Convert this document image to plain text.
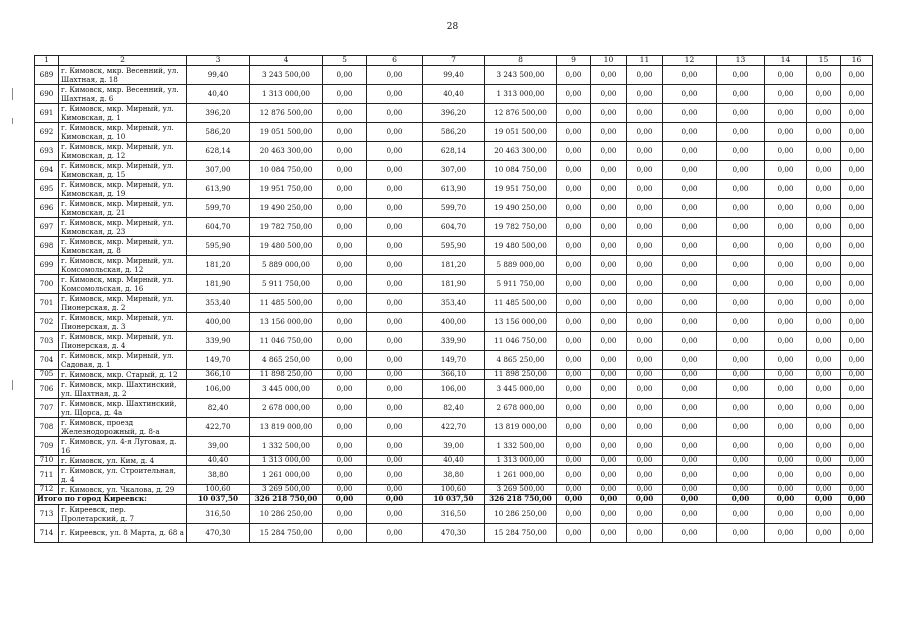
28
1	2	3	4	5	6	7	8	9	10	11	12	13	14	15	16
689	г. Кимовск, мкр. Весенний, ул. Шахтная, д. 18	99,40	3 243 500,00	0,00	0,00	99,40	3 243 500,00	0,00	0,00	0,00	0,00	0,00	0,00	0,00	0,00
690	г. Кимовск, мкр. Весенний, ул. Шахтная, д. 6	40,40	1 313 000,00	0,00	0,00	40,40	1 313 000,00	0,00	0,00	0,00	0,00	0,00	0,00	0,00	0,00
691	г. Кимовск, мкр. Мирный, ул. Кимовская, д. 1	396,20	12 876 500,00	0,00	0,00	396,20	12 876 500,00	0,00	0,00	0,00	0,00	0,00	0,00	0,00	0,00
692	г. Кимовск, мкр. Мирный, ул. Кимовская, д. 10	586,20	19 051 500,00	0,00	0,00	586,20	19 051 500,00	0,00	0,00	0,00	0,00	0,00	0,00	0,00	0,00
693	г. Кимовск, мкр. Мирный, ул. Кимовская, д. 12	628,14	20 463 300,00	0,00	0,00	628,14	20 463 300,00	0,00	0,00	0,00	0,00	0,00	0,00	0,00	0,00
694	г. Кимовск, мкр. Мирный, ул. Кимовская, д. 15	307,00	10 084 750,00	0,00	0,00	307,00	10 084 750,00	0,00	0,00	0,00	0,00	0,00	0,00	0,00	0,00
695	г. Кимовск, мкр. Мирный, ул. Кимовская, д. 19	613,90	19 951 750,00	0,00	0,00	613,90	19 951 750,00	0,00	0,00	0,00	0,00	0,00	0,00	0,00	0,00
696	г. Кимовск, мкр. Мирный, ул. Кимовская, д. 21	599,70	19 490 250,00	0,00	0,00	599,70	19 490 250,00	0,00	0,00	0,00	0,00	0,00	0,00	0,00	0,00
697	г. Кимовск, мкр. Мирный, ул. Кимовская, д. 23	604,70	19 782 750,00	0,00	0,00	604,70	19 782 750,00	0,00	0,00	0,00	0,00	0,00	0,00	0,00	0,00
698	г. Кимовск, мкр. Мирный, ул. Кимовская, д. 8	595,90	19 480 500,00	0,00	0,00	595,90	19 480 500,00	0,00	0,00	0,00	0,00	0,00	0,00	0,00	0,00
699	г. Кимовск, мкр. Мирный, ул. Комсомольская, д. 12	181,20	5 889 000,00	0,00	0,00	181,20	5 889 000,00	0,00	0,00	0,00	0,00	0,00	0,00	0,00	0,00
700	г. Кимовск, мкр. Мирный, ул. Комсомольская, д. 16	181,90	5 911 750,00	0,00	0,00	181,90	5 911 750,00	0,00	0,00	0,00	0,00	0,00	0,00	0,00	0,00
701	г. Кимовск, мкр. Мирный, ул. Пионерская, д. 2	353,40	11 485 500,00	0,00	0,00	353,40	11 485 500,00	0,00	0,00	0,00	0,00	0,00	0,00	0,00	0,00
702	г. Кимовск, мкр. Мирный, ул. Пионерская, д. 3	400,00	13 156 000,00	0,00	0,00	400,00	13 156 000,00	0,00	0,00	0,00	0,00	0,00	0,00	0,00	0,00
703	г. Кимовск, мкр. Мирный, ул. Пионерская, д. 4	339,90	11 046 750,00	0,00	0,00	339,90	11 046 750,00	0,00	0,00	0,00	0,00	0,00	0,00	0,00	0,00
704	г. Кимовск, мкр. Мирный, ул. Садовая, д. 1	149,70	4 865 250,00	0,00	0,00	149,70	4 865 250,00	0,00	0,00	0,00	0,00	0,00	0,00	0,00	0,00
705	г. Кимовск, мкр. Старый, д. 12	366,10	11 898 250,00	0,00	0,00	366,10	11 898 250,00	0,00	0,00	0,00	0,00	0,00	0,00	0,00	0,00
706	г. Кимовск, мкр. Шахтинский, ул. Шахтная, д. 2	106,00	3 445 000,00	0,00	0,00	106,00	3 445 000,00	0,00	0,00	0,00	0,00	0,00	0,00	0,00	0,00
707	г. Кимовск, мкр. Шахтинский, ул. Щорса, д. 4а	82,40	2 678 000,00	0,00	0,00	82,40	2 678 000,00	0,00	0,00	0,00	0,00	0,00	0,00	0,00	0,00
708	г. Кимовск, проезд Железнодорожный, д. 8-а	422,70	13 819 000,00	0,00	0,00	422,70	13 819 000,00	0,00	0,00	0,00	0,00	0,00	0,00	0,00	0,00
709	г. Кимовск, ул. 4-я Луговая, д. 16	39,00	1 332 500,00	0,00	0,00	39,00	1 332 500,00	0,00	0,00	0,00	0,00	0,00	0,00	0,00	0,00
710	г. Кимовск, ул. Ким, д. 4	40,40	1 313 000,00	0,00	0,00	40,40	1 313 000,00	0,00	0,00	0,00	0,00	0,00	0,00	0,00	0,00
711	г. Кимовск, ул. Строительная, д. 4	38,80	1 261 000,00	0,00	0,00	38,80	1 261 000,00	0,00	0,00	0,00	0,00	0,00	0,00	0,00	0,00
712	г. Кимовск, ул. Чкалова, д. 29	100,60	3 269 500,00	0,00	0,00	100,60	3 269 500,00	0,00	0,00	0,00	0,00	0,00	0,00	0,00	0,00
Итого по город Киреевск:		10 037,50	326 218 750,00	0,00	0,00	10 037,50	326 218 750,00	0,00	0,00	0,00	0,00	0,00	0,00	0,00	0,00
713	г. Киреевск, пер. Пролетарский, д. 7	316,50	10 286 250,00	0,00	0,00	316,50	10 286 250,00	0,00	0,00	0,00	0,00	0,00	0,00	0,00	0,00
714	г. Киреевск, ул. 8 Марта, д. 68 а	470,30	15 284 750,00	0,00	0,00	470,30	15 284 750,00	0,00	0,00	0,00	0,00	0,00	0,00	0,00	0,00
